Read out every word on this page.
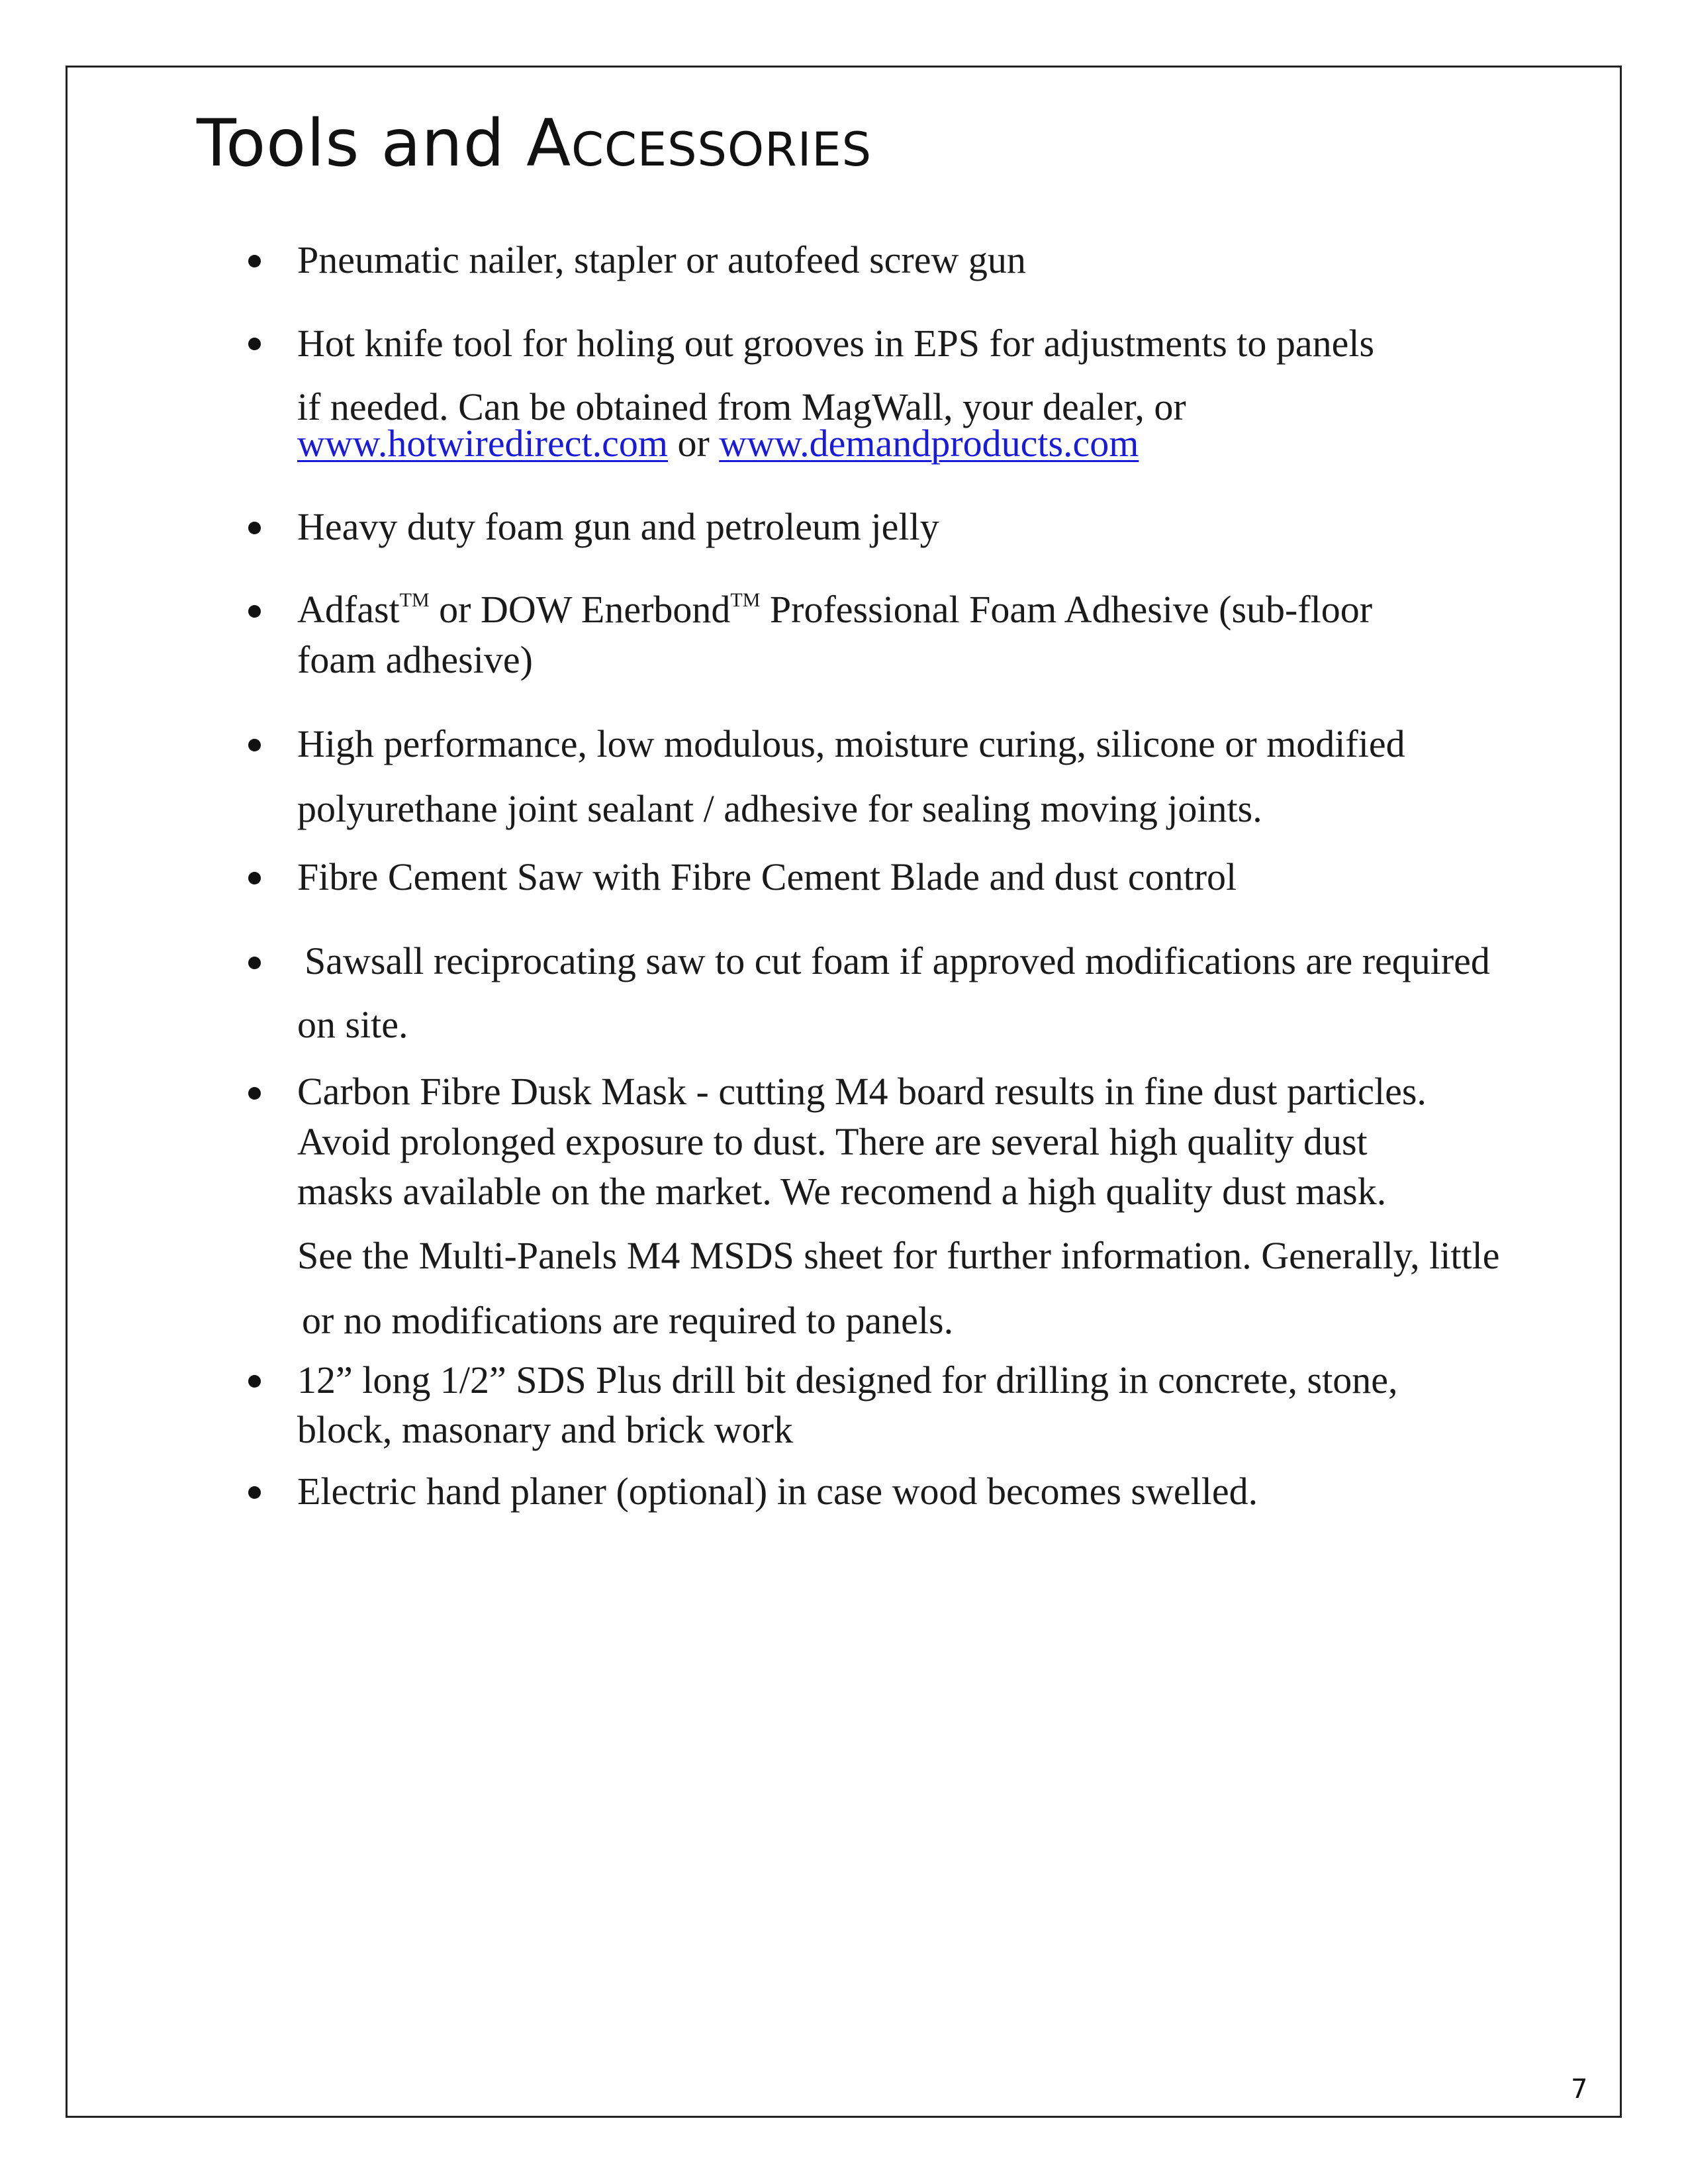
Tools and ACCESSORIES
Pneumatic nailer, stapler or autofeed screw gun
Hot knife tool for holing out grooves in EPS for adjustments to panels
if needed. Can be obtained from MagWall, your dealer, or
www.hotwiredirect.com or www.demandproducts.com
Heavy duty foam gun and petroleum jelly
Adfast™ or DOW Enerbond™ Professional Foam Adhesive (sub-floor
foam adhesive)
High performance, low modulous, moisture curing, silicone or modified
polyurethane joint sealant / adhesive for sealing moving joints.
Fibre Cement Saw with Fibre Cement Blade and dust control
Sawsall reciprocating saw to cut foam if approved modifications are required
on site.
Carbon Fibre Dusk Mask - cutting M4 board results in fine dust particles.
Avoid prolonged exposure to dust. There are several high quality dust
masks available on the market. We recomend a high quality dust mask.
See the Multi-Panels M4 MSDS sheet for further information. Generally, little
or no modifications are required to panels.
12” long 1/2” SDS Plus drill bit designed for drilling in concrete, stone,
block, masonary and brick work
Electric hand planer (optional) in case wood becomes swelled.
7
